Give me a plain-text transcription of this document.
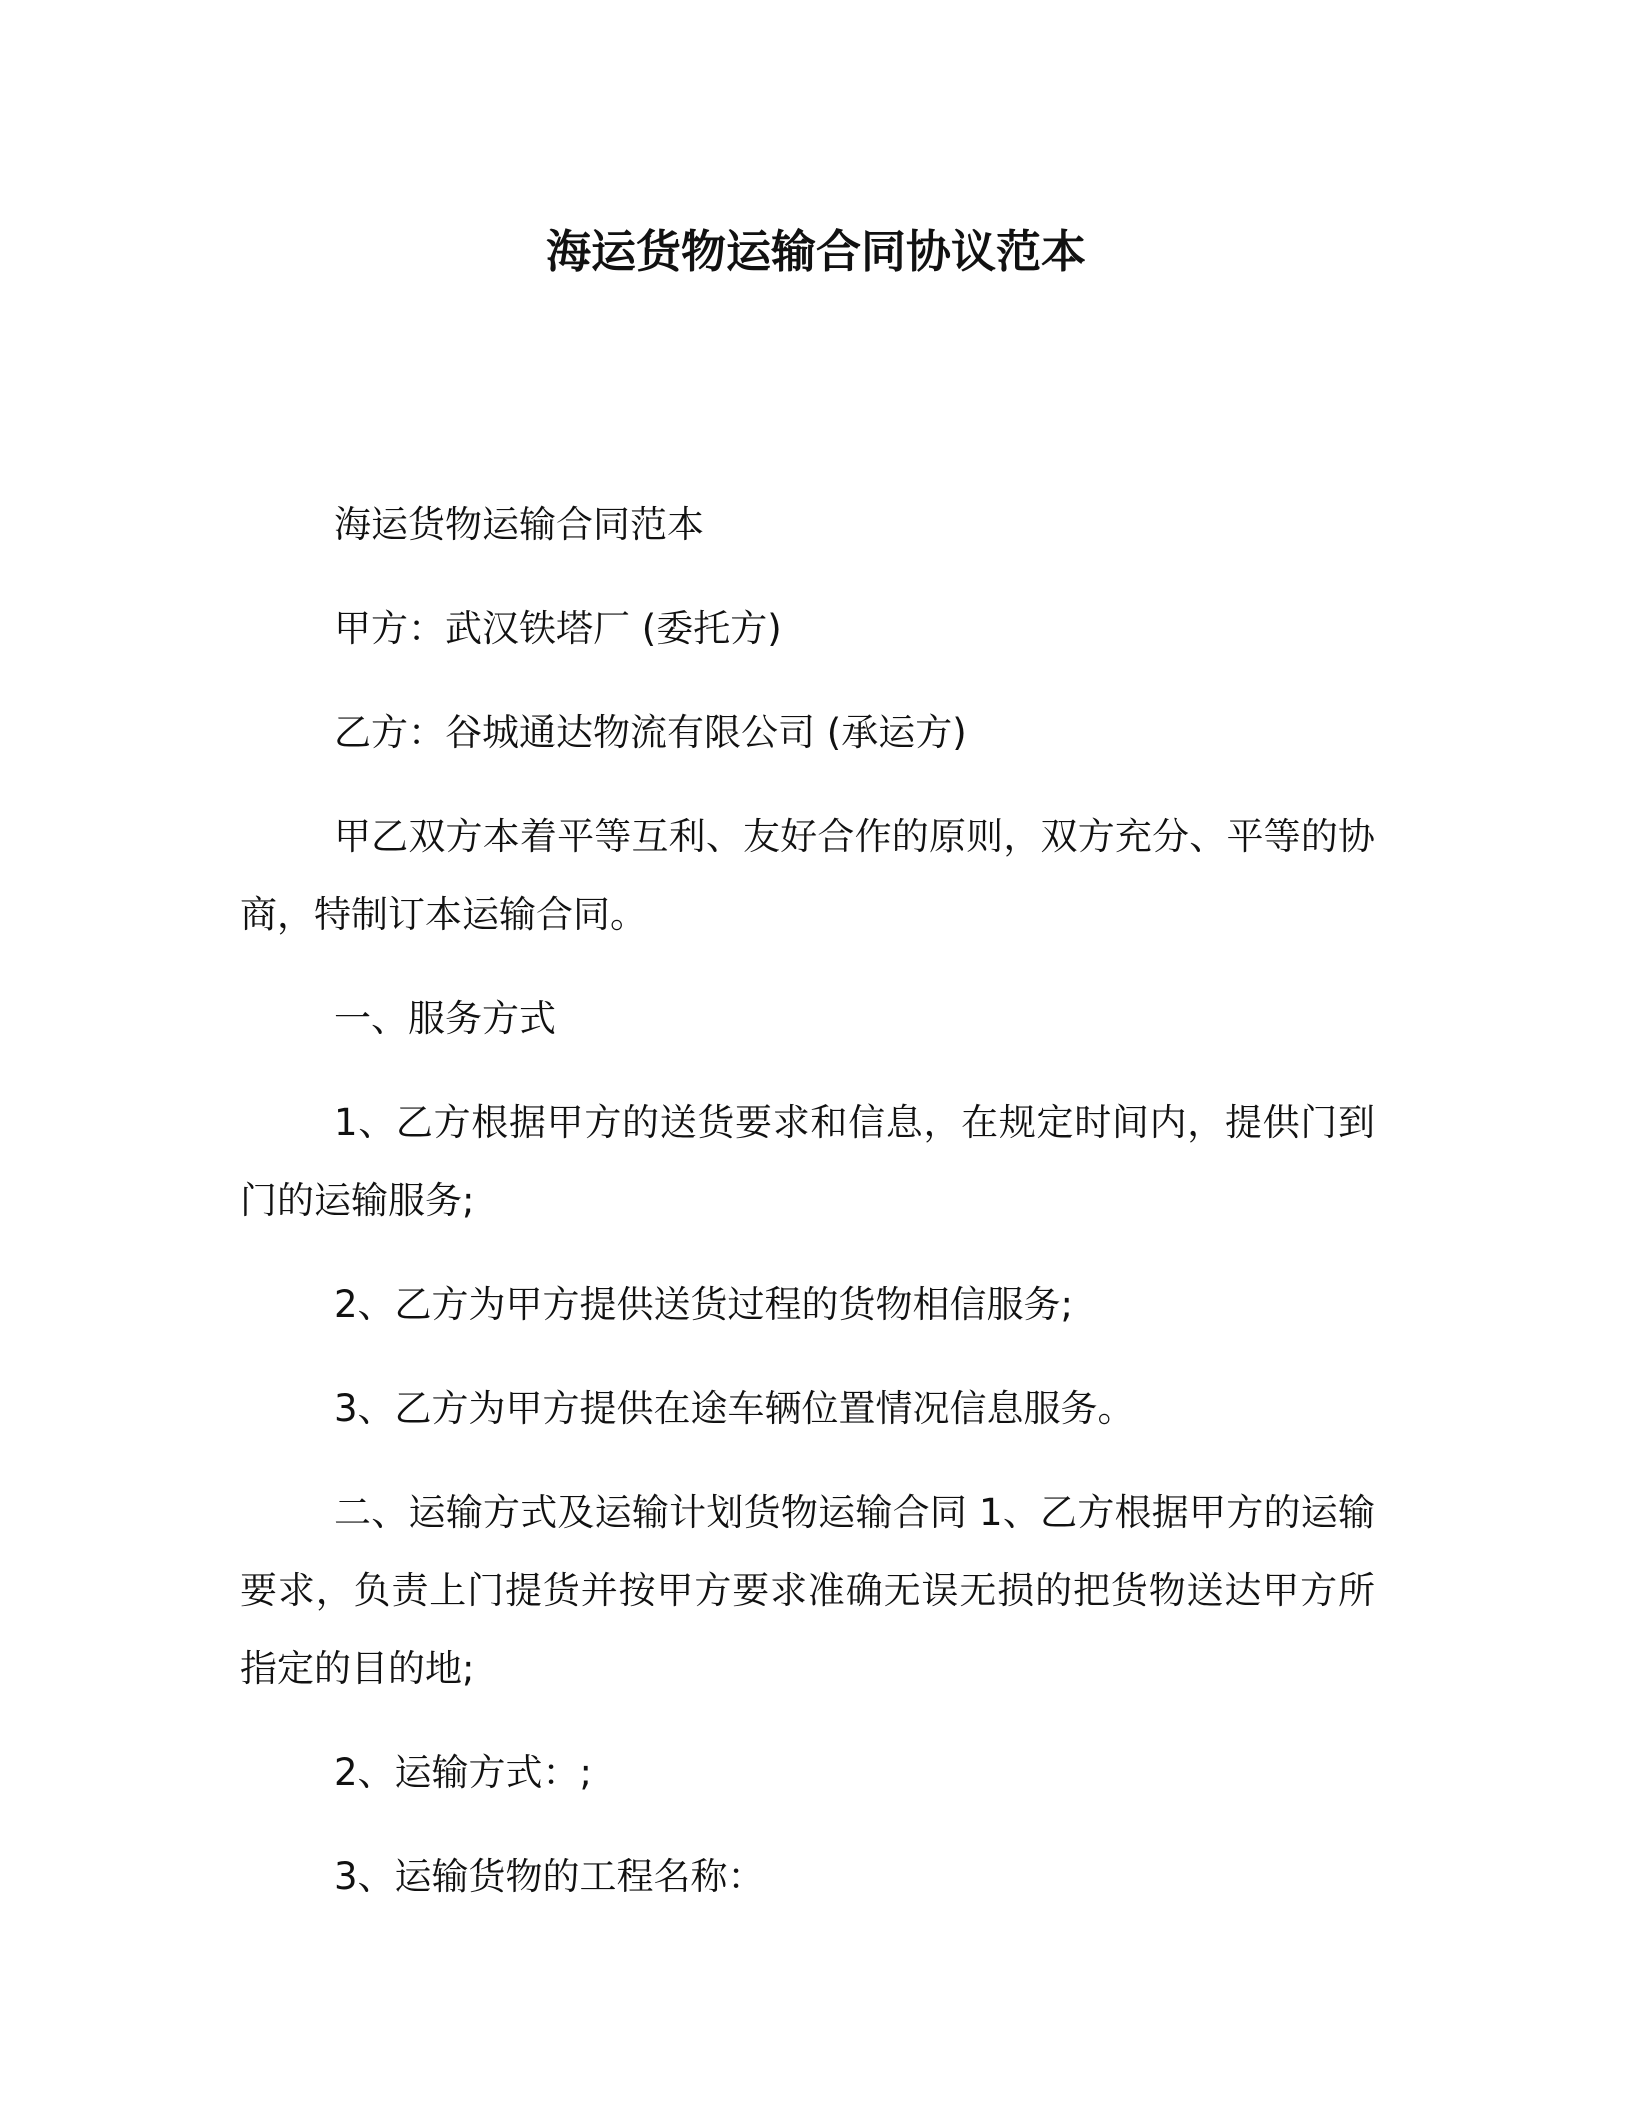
海运货物运输合同协议范本

海运货物运输合同范本

甲方：武汉铁塔厂 (委托方)

乙方：谷城通达物流有限公司 (承运方)

甲乙双方本着平等互利、友好合作的原则，双方充分、平等的协商，特制订本运输合同。

一、服务方式

1、乙方根据甲方的送货要求和信息，在规定时间内，提供门到门的运输服务;

2、乙方为甲方提供送货过程的货物相信服务;

3、乙方为甲方提供在途车辆位置情况信息服务。

二、运输方式及运输计划货物运输合同 1、乙方根据甲方的运输要求，负责上门提货并按甲方要求准确无误无损的把货物送达甲方所指定的目的地;

2、运输方式：;

3、运输货物的工程名称：
